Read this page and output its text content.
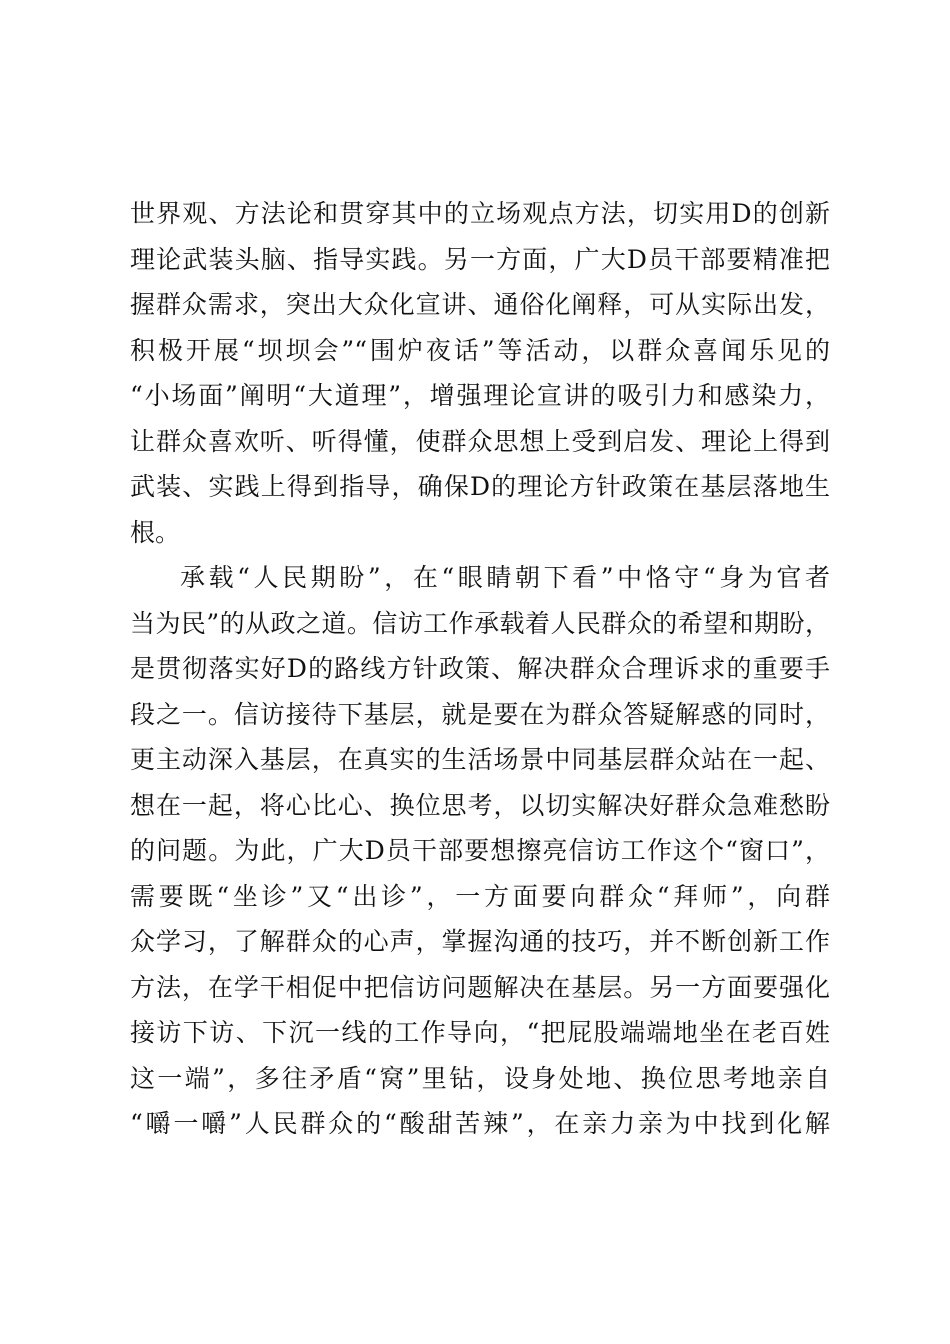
世界观、方法论和贯穿其中的立场观点方法，切实用D的创新
理论武装头脑、指导实践。另一方面，广大D员干部要精准把
握群众需求，突出大众化宣讲、通俗化阐释，可从实际出发，
积极开展“坝坝会”“围炉夜话”等活动，以群众喜闻乐见的
“小场面”阐明“大道理”，增强理论宣讲的吸引力和感染力，
让群众喜欢听、听得懂，使群众思想上受到启发、理论上得到
武装、实践上得到指导，确保D的理论方针政策在基层落地生
根。
承载“人民期盼”，在“眼睛朝下看”中恪守“身为官者
当为民”的从政之道。信访工作承载着人民群众的希望和期盼，
是贯彻落实好D的路线方针政策、解决群众合理诉求的重要手
段之一。信访接待下基层，就是要在为群众答疑解惑的同时，
更主动深入基层，在真实的生活场景中同基层群众站在一起、
想在一起，将心比心、换位思考，以切实解决好群众急难愁盼
的问题。为此，广大D员干部要想擦亮信访工作这个“窗口”，
需要既“坐诊”又“出诊”，一方面要向群众“拜师”，向群
众学习，了解群众的心声，掌握沟通的技巧，并不断创新工作
方法，在学干相促中把信访问题解决在基层。另一方面要强化
接访下访、下沉一线的工作导向，“把屁股端端地坐在老百姓
这一端”，多往矛盾“窝”里钻，设身处地、换位思考地亲自
“嚼一嚼”人民群众的“酸甜苦辣”，在亲力亲为中找到化解
